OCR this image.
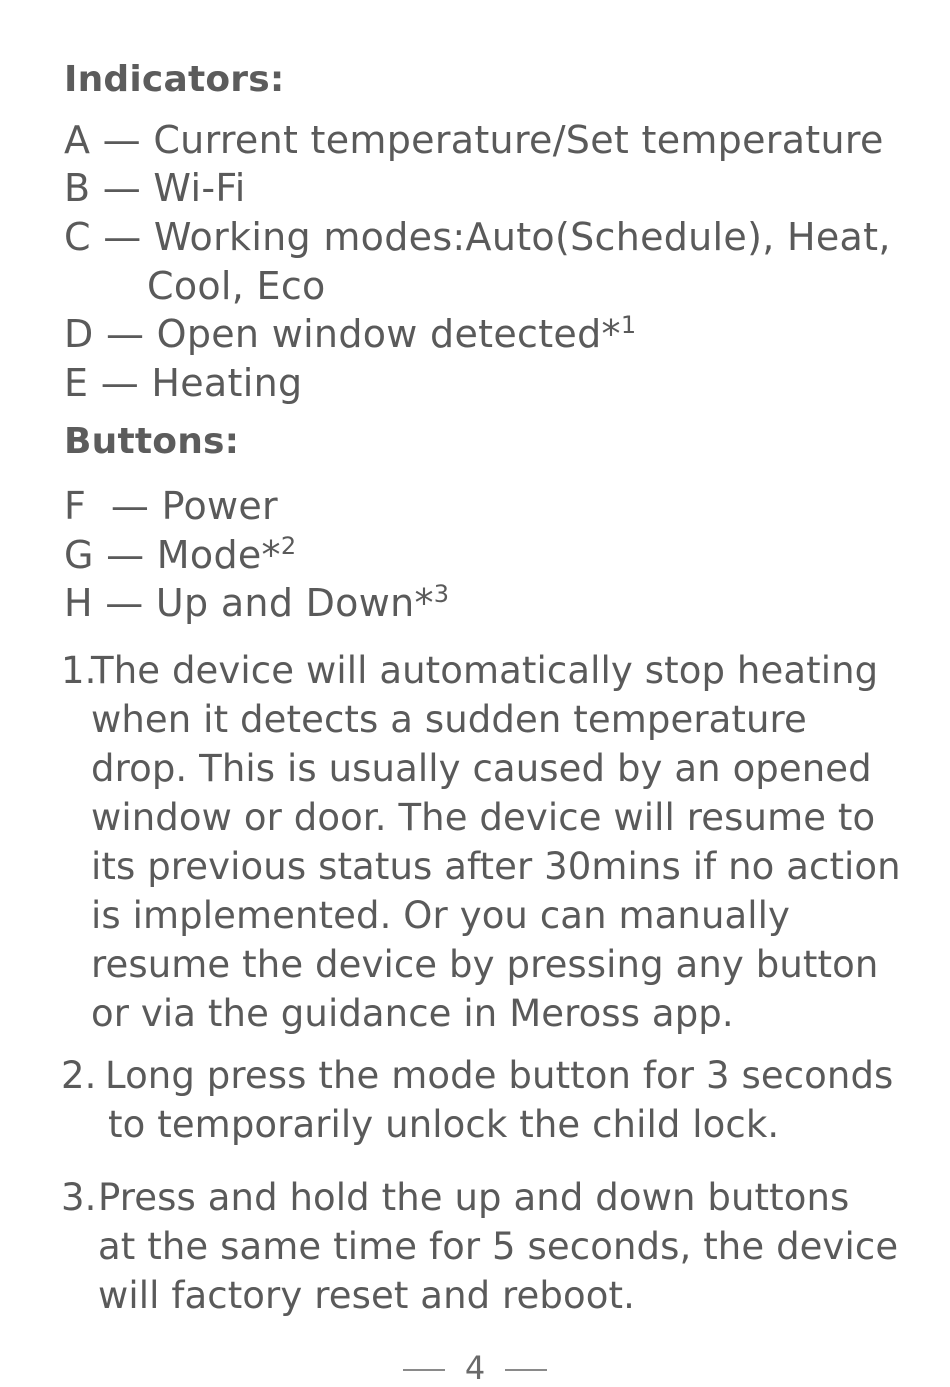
Indicators:
A — Current temperature/Set temperature
B — Wi-Fi
C — Working modes:Auto(Schedule), Heat,
Cool, Eco
D — Open window detected*$^1$
E — Heating
Buttons:
F  — Power
G — Mode*$^2$
H — Up and Down*$^3$
1.
The device will automatically stop heating
when it detects a sudden temperature
drop. This is usually caused by an opened
window or door. The device will resume to
its previous status after 30mins if no action
is implemented. Or you can manually
resume the device by pressing any button
or via the guidance in Meross app.
2. Long press the mode button for 3 seconds
to temporarily unlock the child lock.
3. Press and hold the up and down buttons
at the same time for 5 seconds, the device
will factory reset and reboot.
4
